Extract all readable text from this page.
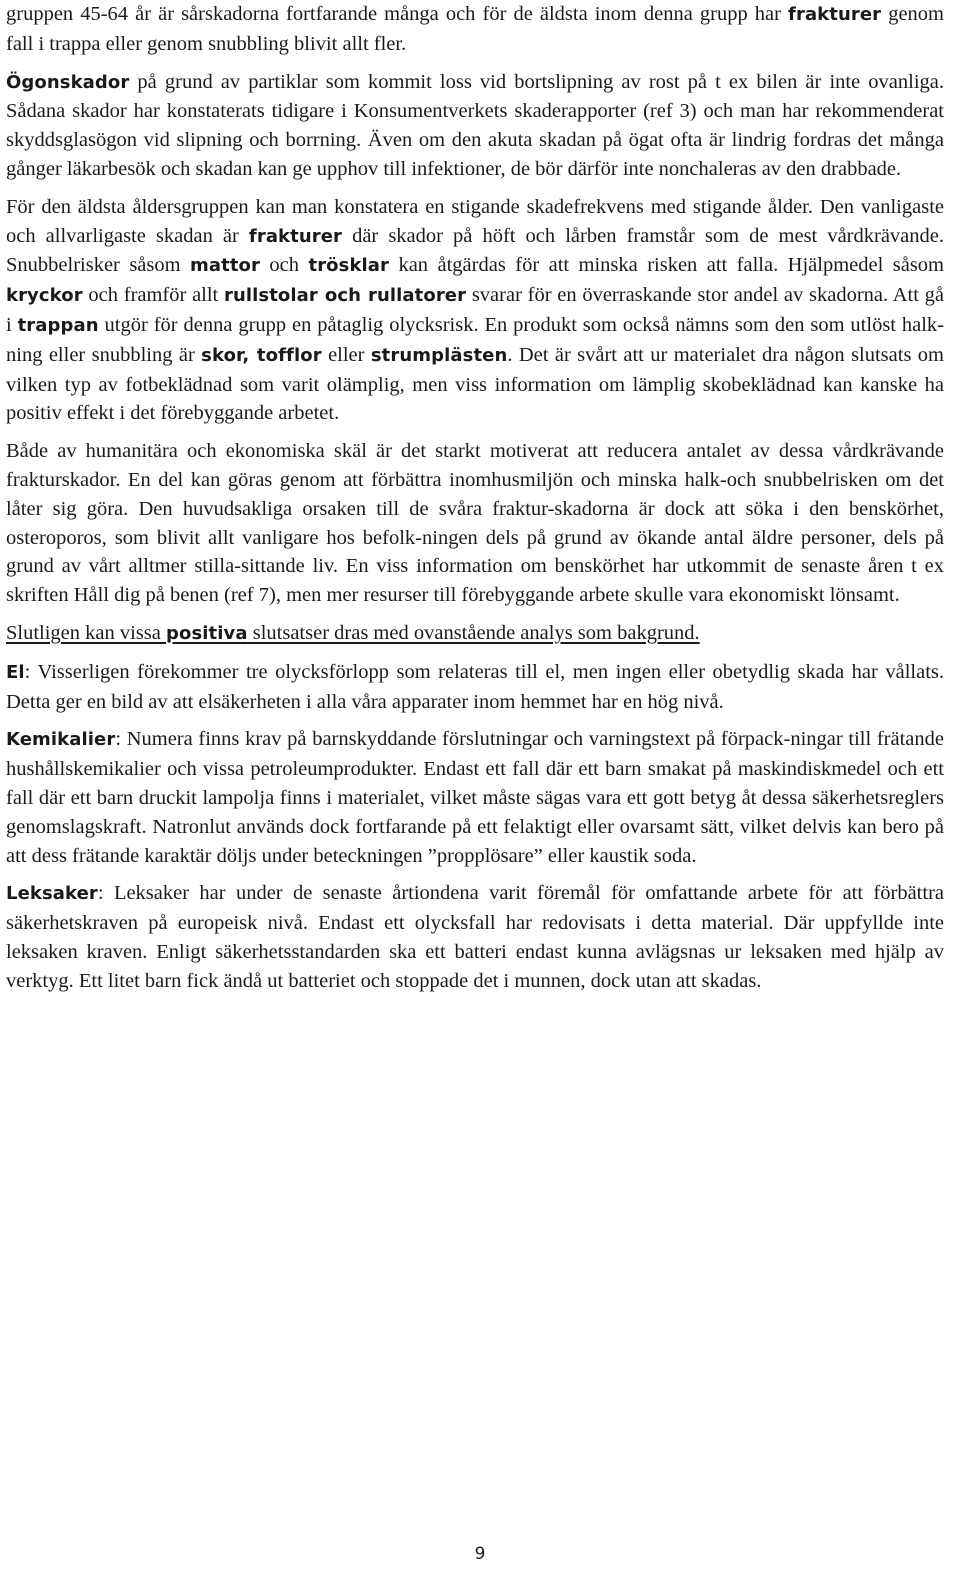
gruppen 45-64 år är sårskadorna fortfarande många och för de äldsta inom denna grupp har frakturer genom fall i trappa eller genom snubbling blivit allt fler.

Ögonskador på grund av partiklar som kommit loss vid bortslipning av rost på t ex bilen är inte ovanliga. Sådana skador har konstaterats tidigare i Konsumentverkets skaderapporter (ref 3) och man har rekommenderat skyddsglasögon vid slipning och borrning. Även om den akuta skadan på ögat ofta är lindrig fordras det många gånger läkarbesök och skadan kan ge upphov till infektioner, de bör därför inte nonchaleras av den drabbade.

För den äldsta åldersgruppen kan man konstatera en stigande skadefrekvens med stigande ålder. Den vanligaste och allvarligaste skadan är frakturer där skador på höft och lårben framstår som de mest vårdkrävande. Snubbelrisker såsom mattor och trösklar kan åtgärdas för att minska risken att falla. Hjälpmedel såsom kryckor och framför allt rullstolar och rullatorer svarar för en överraskande stor andel av skadorna. Att gå i trappan utgör för denna grupp en påtaglig olycksrisk. En produkt som också nämns som den som utlöst halk-ning eller snubbling är skor, tofflor eller strumplästen. Det är svårt att ur materialet dra någon slutsats om vilken typ av fotbeklädnad som varit olämplig, men viss information om lämplig skobeklädnad kan kanske ha positiv effekt i det förebyggande arbetet.

Både av humanitära och ekonomiska skäl är det starkt motiverat att reducera antalet av dessa vårdkrävande frakturskador. En del kan göras genom att förbättra inomhusmiljön och minska halk-och snubbelrisken om det låter sig göra. Den huvudsakliga orsaken till de svåra fraktur-skadorna är dock att söka i den benskörhet, osteroporos, som blivit allt vanligare hos befolk-ningen dels på grund av ökande antal äldre personer, dels på grund av vårt alltmer stilla-sittande liv. En viss information om benskörhet har utkommit de senaste åren t ex skriften Håll dig på benen (ref 7), men mer resurser till förebyggande arbete skulle vara ekonomiskt lönsamt.

Slutligen kan vissa positiva slutsatser dras med ovanstående analys som bakgrund.

El: Visserligen förekommer tre olycksförlopp som relateras till el, men ingen eller obetydlig skada har vållats. Detta ger en bild av att elsäkerheten i alla våra apparater inom hemmet har en hög nivå.

Kemikalier: Numera finns krav på barnskyddande förslutningar och varningstext på förpack-ningar till frätande hushållskemikalier och vissa petroleumprodukter. Endast ett fall där ett barn smakat på maskindiskmedel och ett fall där ett barn druckit lampolja finns i materialet, vilket måste sägas vara ett gott betyg åt dessa säkerhetsreglers genomslagskraft. Natronlut används dock fortfarande på ett felaktigt eller ovarsamt sätt, vilket delvis kan bero på att dess frätande karaktär döljs under beteckningen ”propplösare” eller kaustik soda.

Leksaker: Leksaker har under de senaste årtiondena varit föremål för omfattande arbete för att förbättra säkerhetskraven på europeisk nivå. Endast ett olycksfall har redovisats i detta material. Där uppfyllde inte leksaken kraven. Enligt säkerhetsstandarden ska ett batteri endast kunna avlägsnas ur leksaken med hjälp av verktyg. Ett litet barn fick ändå ut batteriet och stoppade det i munnen, dock utan att skadas.

9
